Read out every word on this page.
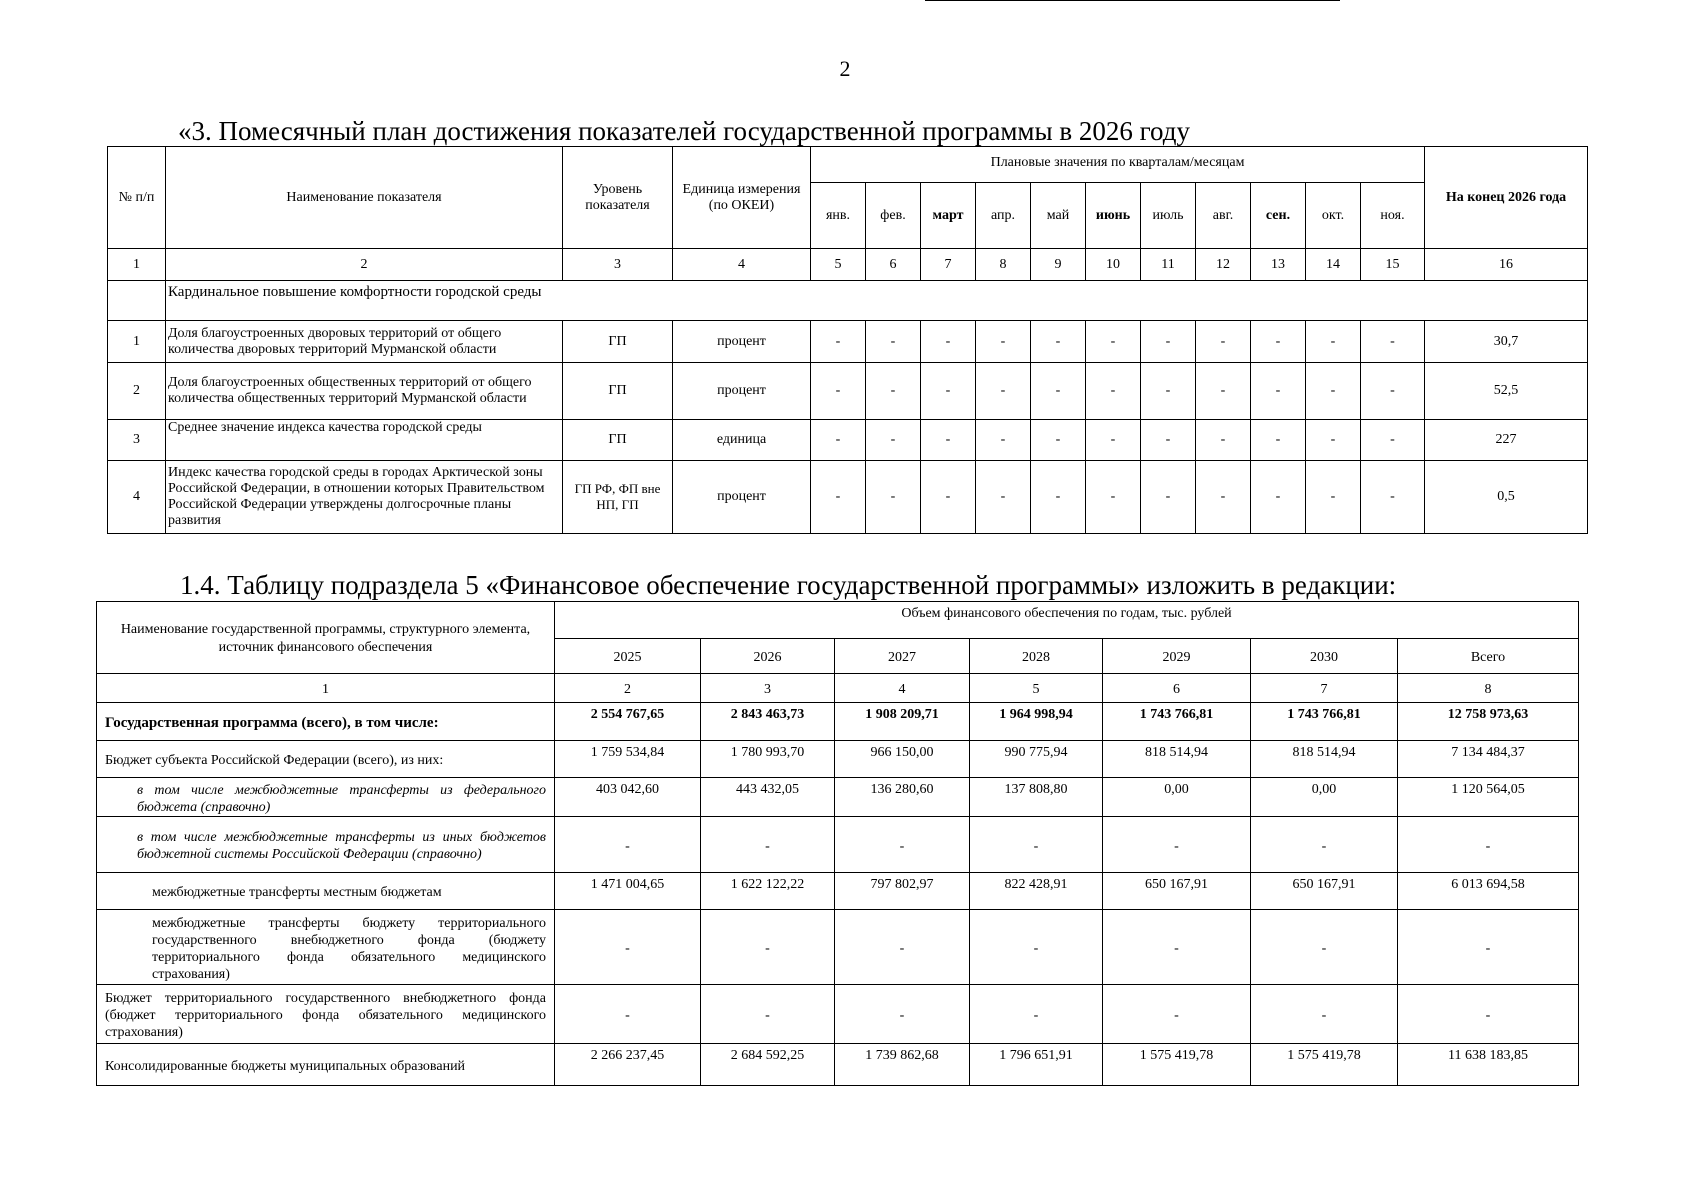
2
«3. Помесячный план достижения показателей государственной программы в 2026 году
№ п/п	Наименование показателя	Уровень показателя	Единица измерения (по ОКЕИ)	Плановые значения по кварталам/месяцам											На конец 2026 года
				янв.	фев.	март	апр.	май	июнь	июль	авг.	сен.	окт.	ноя.	
1	2	3	4	5	6	7	8	9	10	11	12	13	14	15	16
	Кардинальное повышение комфортности городской среды														
1	Доля благоустроенных дворовых территорий от общего количества дворовых территорий Мурманской области	ГП	процент	-	-	-	-	-	-	-	-	-	-	-	30,7
2	Доля благоустроенных общественных территорий от общего количества общественных территорий Мурманской области	ГП	процент	-	-	-	-	-	-	-	-	-	-	-	52,5
3	Среднее значение индекса качества городской среды	ГП	единица	-	-	-	-	-	-	-	-	-	-	-	227
4	Индекс качества городской среды в городах Арктической зоны Российской Федерации, в отношении которых Правительством Российской Федерации утверждены долгосрочные планы развития	ГП РФ, ФП вне НП, ГП	процент	-	-	-	-	-	-	-	-	-	-	-	0,5
1.4. Таблицу подраздела 5 «Финансовое обеспечение государственной программы» изложить в редакции:
Наименование государственной программы, структурного элемента,
источник финансового обеспечения	Объем финансового обеспечения по годам, тыс. рублей						
	2025	2026	2027	2028	2029	2030	Всего
1	2	3	4	5	6	7	8
Государственная программа (всего), в том числе:	2 554 767,65	2 843 463,73	1 908 209,71	1 964 998,94	1 743 766,81	1 743 766,81	12 758 973,63
Бюджет субъекта Российской Федерации (всего), из них:	1 759 534,84	1 780 993,70	966 150,00	990 775,94	818 514,94	818 514,94	7 134 484,37
в том числе межбюджетные трансферты из федерального бюджета (справочно)	403 042,60	443 432,05	136 280,60	137 808,80	0,00	0,00	1 120 564,05
в том числе межбюджетные трансферты из иных бюджетов бюджетной системы Российской Федерации (справочно)	-	-	-	-	-	-	-
межбюджетные трансферты местным бюджетам	1 471 004,65	1 622 122,22	797 802,97	822 428,91	650 167,91	650 167,91	6 013 694,58
межбюджетные трансферты бюджету территориального государственного внебюджетного фонда (бюджету территориального фонда обязательного медицинского страхования)	-	-	-	-	-	-	-
Бюджет территориального государственного внебюджетного фонда (бюджет территориального фонда обязательного медицинского страхования)	-	-	-	-	-	-	-
Консолидированные бюджеты муниципальных образований	2 266 237,45	2 684 592,25	1 739 862,68	1 796 651,91	1 575 419,78	1 575 419,78	11 638 183,85
